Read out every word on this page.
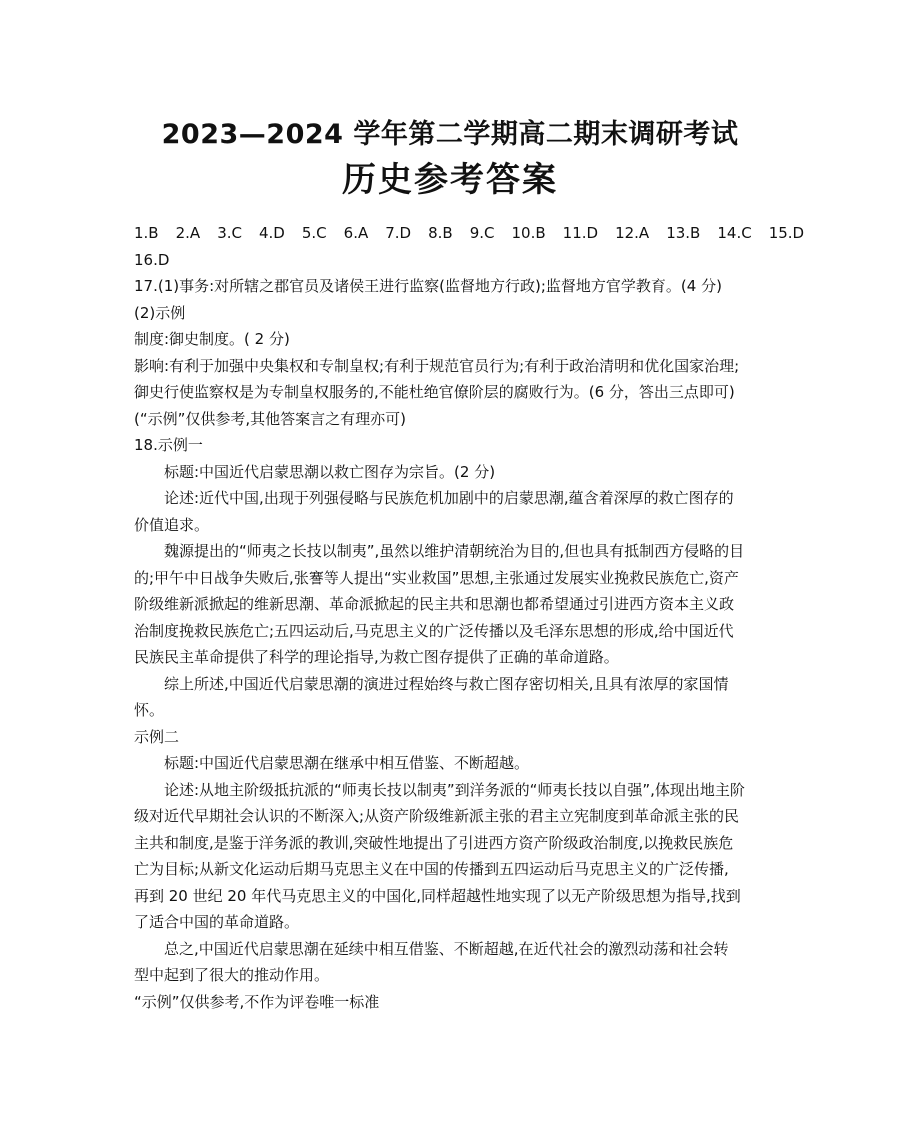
2023—2024 学年第二学期高二期末调研考试
历史参考答案
1.B 2.A 3.C 4.D 5.C 6.A 7.D 8.B 9.C 10.B 11.D 12.A 13.B 14.C 15.D
16.D
17.(1)事务:对所辖之郡官员及诸侯王进行监察(监督地方行政);监督地方官学教育。(4 分)
(2)示例
制度:御史制度。( 2 分)
影响:有利于加强中央集权和专制皇权;有利于规范官员行为;有利于政治清明和优化国家治理;
御史行使监察权是为专制皇权服务的,不能杜绝官僚阶层的腐败行为。(6 分，答出三点即可)
(“示例”仅供参考,其他答案言之有理亦可)
18.示例一
标题:中国近代启蒙思潮以救亡图存为宗旨。(2 分)
论述:近代中国,出现于列强侵略与民族危机加剧中的启蒙思潮,蕴含着深厚的救亡图存的
价值追求。
魏源提出的“师夷之长技以制夷”,虽然以维护清朝统治为目的,但也具有抵制西方侵略的目
的;甲午中日战争失败后,张謇等人提出“实业救国”思想,主张通过发展实业挽救民族危亡,资产
阶级维新派掀起的维新思潮、革命派掀起的民主共和思潮也都希望通过引进西方资本主义政
治制度挽救民族危亡;五四运动后,马克思主义的广泛传播以及毛泽东思想的形成,给中国近代
民族民主革命提供了科学的理论指导,为救亡图存提供了正确的革命道路。
综上所述,中国近代启蒙思潮的演进过程始终与救亡图存密切相关,且具有浓厚的家国情
怀。
示例二
标题:中国近代启蒙思潮在继承中相互借鉴、不断超越。
论述:从地主阶级抵抗派的“师夷长技以制夷”到洋务派的“师夷长技以自强”,体现出地主阶
级对近代早期社会认识的不断深入;从资产阶级维新派主张的君主立宪制度到革命派主张的民
主共和制度,是鉴于洋务派的教训,突破性地提出了引进西方资产阶级政治制度,以挽救民族危
亡为目标;从新文化运动后期马克思主义在中国的传播到五四运动后马克思主义的广泛传播,
再到 20 世纪 20 年代马克思主义的中国化,同样超越性地实现了以无产阶级思想为指导,找到
了适合中国的革命道路。
总之,中国近代启蒙思潮在延续中相互借鉴、不断超越,在近代社会的激烈动荡和社会转
型中起到了很大的推动作用。
“示例”仅供参考,不作为评卷唯一标准
